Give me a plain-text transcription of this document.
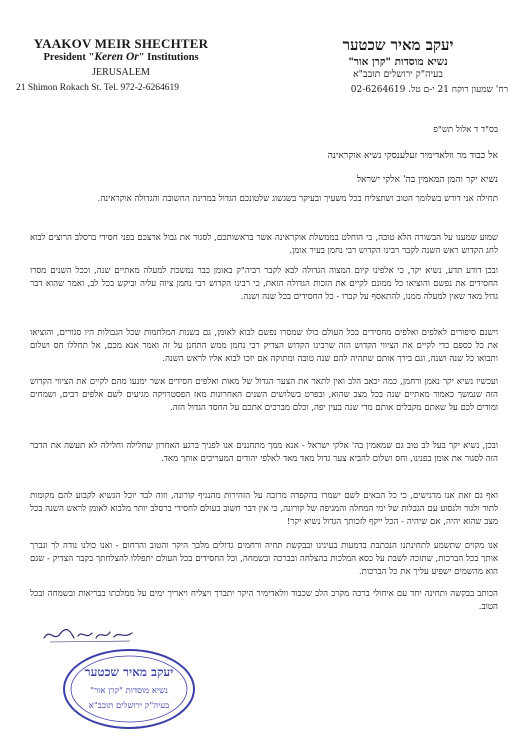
YAAKOV MEIR SHECHTER
President "Keren Or" Institutions
JERUSALEM
21 Shimon Rokach St. Tel. 972-2-6264619
יעקב מאיר שכטער
נשיא מוסדות "קרן אור"
בעיה"ק ירושלים תובב"א
רח' שמעון רוקח 21 י-ם טל. 02-6264619
בס"ד ד אלול תש"פ
אל כבוד מר וולאדימיר זעלענסקי נשיא אוקראינה
נשיא יקר והמן המאמין בה' אלקי ישראל
תחילה אני דורש בשלומך הטוב ושתצליח בכל משעיך ובעיקר בשגשוג שלטונכם הגדול במדינה החשובה והגדולה אוקראינה.
שמוע שמענו על הבשורה הלא טובה, כי הוחלט בממשלת אוקראינה אשר בראשותכם, לסגור את גבול ארצכם בפני חסידי ברסלב הרוצים לבוא לחג הקדוש ראש השנה לקבר רבינו הקדוש רבי נחמן בעיר אומן.
ובכן דודע תדע, נשיא יקר, כי אלפינו קיום המצוה הגדולה לבא לקבר רביה"ק באומן כבר נמשכת למעלה מאתיים שנה, וככל השנים מסרו החסידים את נפשם והוציאו כל ממונם לקיים את הזכות הגדולה הזאת, כי רבינו הקדוש רבי נחמן ציוה עליה וביקש בכל לב, ואמר שהוא דבר גדול מאד שאין למעלה ממנו, להתאסף על קברו - כל החסידים בכל שנה ושנה.
וישנם סיפורים לאלפים ואלפים מחסידים בכל העולם כולו שמסרו נפשם לבוא לאומן, גם בשנות המלחמות שכל הגבולות היו סגורים, והוציאו את כל כספם כדי לקיים את הציווי הקדוש הזה שרבינו הקדוש הצדיק רבי נחמן ממש התחנן על זה ואמר אנא מכם, אל תחללו חס ושלום ותבואו כל שנה ושנה, וגם בירך אותם שתהיה להם שנה טובה ומתוקה אם יזכו לבוא אליו לראש השנה.
ועכשיו נשיא יקר נאמן ורחמן, כמה יכאב הלב ואין לתאר את הצער הגדול של מאות ואלפים חסידים אשר ימנעו מהם לקיים את הציווי הקדוש הזה שנמשך כאמור מאתיים שנה בכל מצב שהוא, ובפרט בשלושים השנים האחרונות מאז הפסטרויקה מגיעים לשם אלפים רבים, ושמחים ומודים לכם על שאתם מקבלים אותם מדי שנה בעין יפה, וכלם מברכים אתכם על החסד הגדול הזה.
ובכן, נשיא יקר בעל לב טוב גם שמאמין בה' אלקי ישראל - אנא ממך מתחננים אנו לפניך ברגע האחרון שחלילה וחלילה לא תעשה את הדבר הזה לסגור את אומן בפנינו, וחס ושלום להביא צער גדול מאד מאד לאלפי יהודים המעריכים אותך מאד.
ואף גם זאת אנו מדגישים, כי כל הבאים לשם ישמרו בהקפדה מרובה על הזהירות מהנגיף קורונה, וזוה לבד יוכל הנשיא לקבוע להם מקומות לתור ולגור ולנסוע עם הגבלות של ימי המחלה והמגיפה של קורונה, כי אין דבר חשוב בעולם לחסידי ברסלב יותר מלבוא לאומן לראש השנה בכל מצב שהוא יהיה, אם שיהיה - הכל ייקף לזכותך הגדול נשיא יקר!
אנו מקוים שתשמע לתחינתנו הנכתבת בדמעות בעינינו ובבקשת תחיה ורחמים גדולים מלבך היקר והטוב והרחום - ואנו כולנו נודה לך ונברך אותך בכל הברכות, שתזכה לשבת על כסא המלכות בהצלחה ובברכה ובשמחה, וכל החסידים בכל העולם יתפללו להצלחתך בקבר הצדיק - שגם הוא מהשמים ישפיע עליך את כל הברכות.
הכותב בבקשה ותחינה יחד עם איחולי ברכה מקרב הלב שכבוד וולאדימיר היקר יתברך ויצליח ויאריך ימים על ממלכתו בבריאות ובשמחה ובכל הטוב.
יעקב מאיר שכטער
נשיא מוסדות "קרן אור"
בעיה"ק ירושלים תובב"א
